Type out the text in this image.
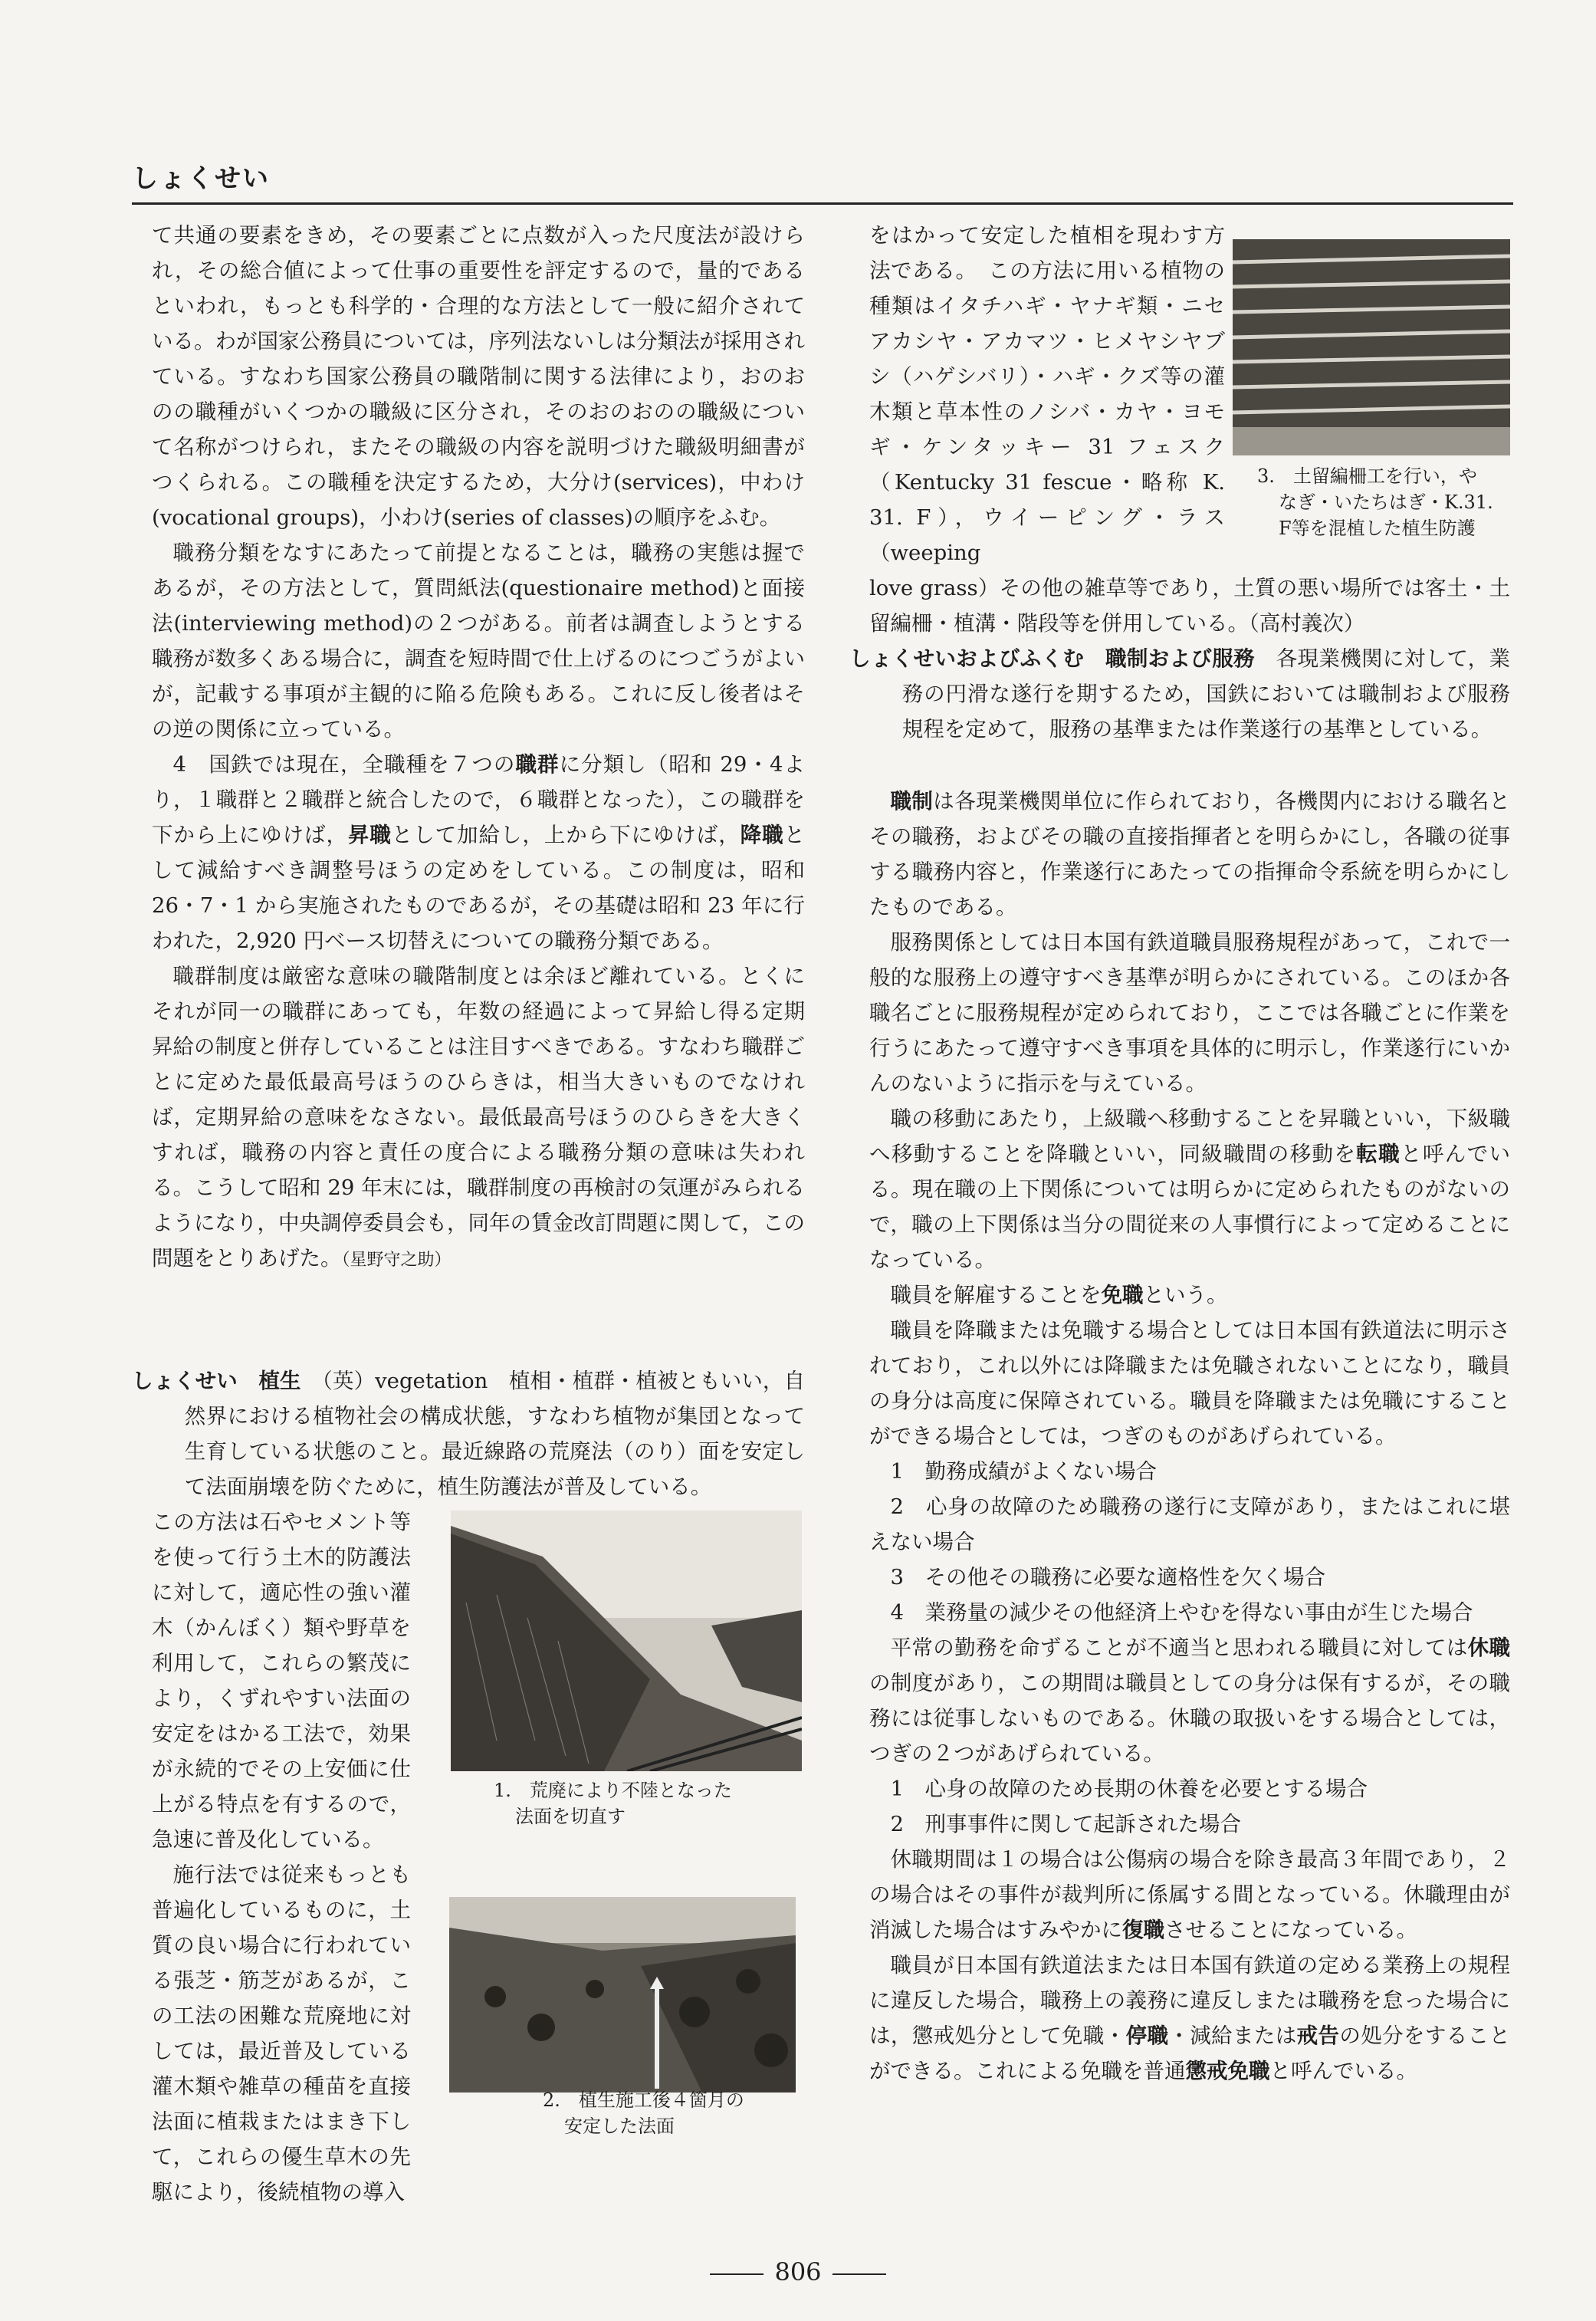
しょくせい

て共通の要素をきめ，その要素ごとに点数が入った尺度法が設けられ，その総合値によって仕事の重要性を評定するので，量的であるといわれ，もっとも科学的・合理的な方法として一般に紹介されている。わが国家公務員については，序列法ないしは分類法が採用されている。すなわち国家公務員の職階制に関する法律により，おのおのの職種がいくつかの職級に区分され，そのおのおのの職級について名称がつけられ，またその職級の内容を説明づけた職級明細書がつくられる。この職種を決定するため，大分け(services)，中わけ(vocational groups)，小わけ(series of classes)の順序をふむ。

職務分類をなすにあたって前提となることは，職務の実態は握であるが，その方法として，質問紙法(questionaire method)と面接法(interviewing method)の２つがある。前者は調査しようとする職務が数多くある場合に，調査を短時間で仕上げるのにつごうがよいが，記載する事項が主観的に陥る危険もある。これに反し後者はその逆の関係に立っている。

4　国鉄では現在，全職種を７つの職群に分類し（昭和 29・4より，１職群と２職群と統合したので，６職群となった），この職群を下から上にゆけば，昇職として加給し，上から下にゆけば，降職として減給すべき調整号ほうの定めをしている。この制度は，昭和 26・7・1 から実施されたものであるが，その基礎は昭和 23 年に行われた，2,920 円ベース切替えについての職務分類である。

職群制度は厳密な意味の職階制度とは余ほど離れている。とくにそれが同一の職群にあっても，年数の経過によって昇給し得る定期昇給の制度と併存していることは注目すべきである。すなわち職群ごとに定めた最低最高号ほうのひらきは，相当大きいものでなければ，定期昇給の意味をなさない。最低最高号ほうのひらきを大きくすれば，職務の内容と責任の度合による職務分類の意味は失われる。こうして昭和 29 年末には，職群制度の再検討の気運がみられるようになり，中央調停委員会も，同年の賃金改訂問題に関して，この問題をとりあげた。（星野守之助）

しょくせい　植生　 （英）vegetation　植相・植群・植被ともいい，自然界における植物社会の構成状態，すなわち植物が集団となって生育している状態のこと。最近線路の荒廃法（のり）面を安定して法面崩壊を防ぐために，植生防護法が普及している。

この方法は石やセメント等を使って行う土木的防護法に対して，適応性の強い灌木（かんぼく）類や野草を利用して，これらの繁茂により，くずれやすい法面の安定をはかる工法で，効果が永続的でその上安価に仕上がる特点を有するので，急速に普及化している。

施行法では従来もっとも普遍化しているものに，土質の良い場合に行われている張芝・筋芝があるが，この工法の困難な荒廃地に対しては，最近普及している灌木類や雑草の種苗を直接法面に植栽またはまき下して，これらの優生草木の先駆により，後続植物の導入

1.　荒廃により不陸となった
法面を切直す
2.　植生施工後４箇月の
安定した法面

をはかって安定した植相を現わす方法である。　この方法に用いる植物の種類はイタチハギ・ヤナギ類・ニセアカシヤ・アカマツ・ヒメヤシヤブシ（ハゲシバリ）・ハギ・クズ等の灌木類と草本性のノシバ・カヤ・ヨモギ・ケンタッキー 31 フェスク（Kentucky 31 fescue・略称 K. 31. F），ウイーピング・ラス（weeping

3.　土留編柵工を行い，や
なぎ・いたちはぎ・K.31.
F等を混植した植生防護

love grass）その他の雑草等であり，土質の悪い場所では客土・土留編柵・植溝・階段等を併用している。（高村義次）

しょくせいおよびふくむ　職制および服務　 各現業機関に対して，業務の円滑な遂行を期するため，国鉄においては職制および服務規程を定めて，服務の基準または作業遂行の基準としている。

職制は各現業機関単位に作られており，各機関内における職名とその職務，およびその職の直接指揮者とを明らかにし，各職の従事する職務内容と，作業遂行にあたっての指揮命令系統を明らかにしたものである。

服務関係としては日本国有鉄道職員服務規程があって，これで一般的な服務上の遵守すべき基準が明らかにされている。このほか各職名ごとに服務規程が定められており，ここでは各職ごとに作業を行うにあたって遵守すべき事項を具体的に明示し，作業遂行にいかんのないように指示を与えている。

職の移動にあたり，上級職へ移動することを昇職といい，下級職へ移動することを降職といい，同級職間の移動を転職と呼んでいる。現在職の上下関係については明らかに定められたものがないので，職の上下関係は当分の間従来の人事慣行によって定めることになっている。

職員を解雇することを免職という。

職員を降職または免職する場合としては日本国有鉄道法に明示されており，これ以外には降職または免職されないことになり，職員の身分は高度に保障されている。職員を降職または免職にすることができる場合としては，つぎのものがあげられている。

1　勤務成績がよくない場合

2　心身の故障のため職務の遂行に支障があり，またはこれに堪えない場合

3　その他その職務に必要な適格性を欠く場合

4　業務量の減少その他経済上やむを得ない事由が生じた場合

平常の勤務を命ずることが不適当と思われる職員に対しては休職の制度があり，この期間は職員としての身分は保有するが，その職務には従事しないものである。休職の取扱いをする場合としては，つぎの２つがあげられている。

1　心身の故障のため長期の休養を必要とする場合

2　刑事事件に関して起訴された場合

休職期間は１の場合は公傷病の場合を除き最高３年間であり，２の場合はその事件が裁判所に係属する間となっている。休職理由が消滅した場合はすみやかに復職させることになっている。

職員が日本国有鉄道法または日本国有鉄道の定める業務上の規程に違反した場合，職務上の義務に違反しまたは職務を怠った場合には，懲戒処分として免職・停職・減給または戒告の処分をすることができる。これによる免職を普通懲戒免職と呼んでいる。

806
